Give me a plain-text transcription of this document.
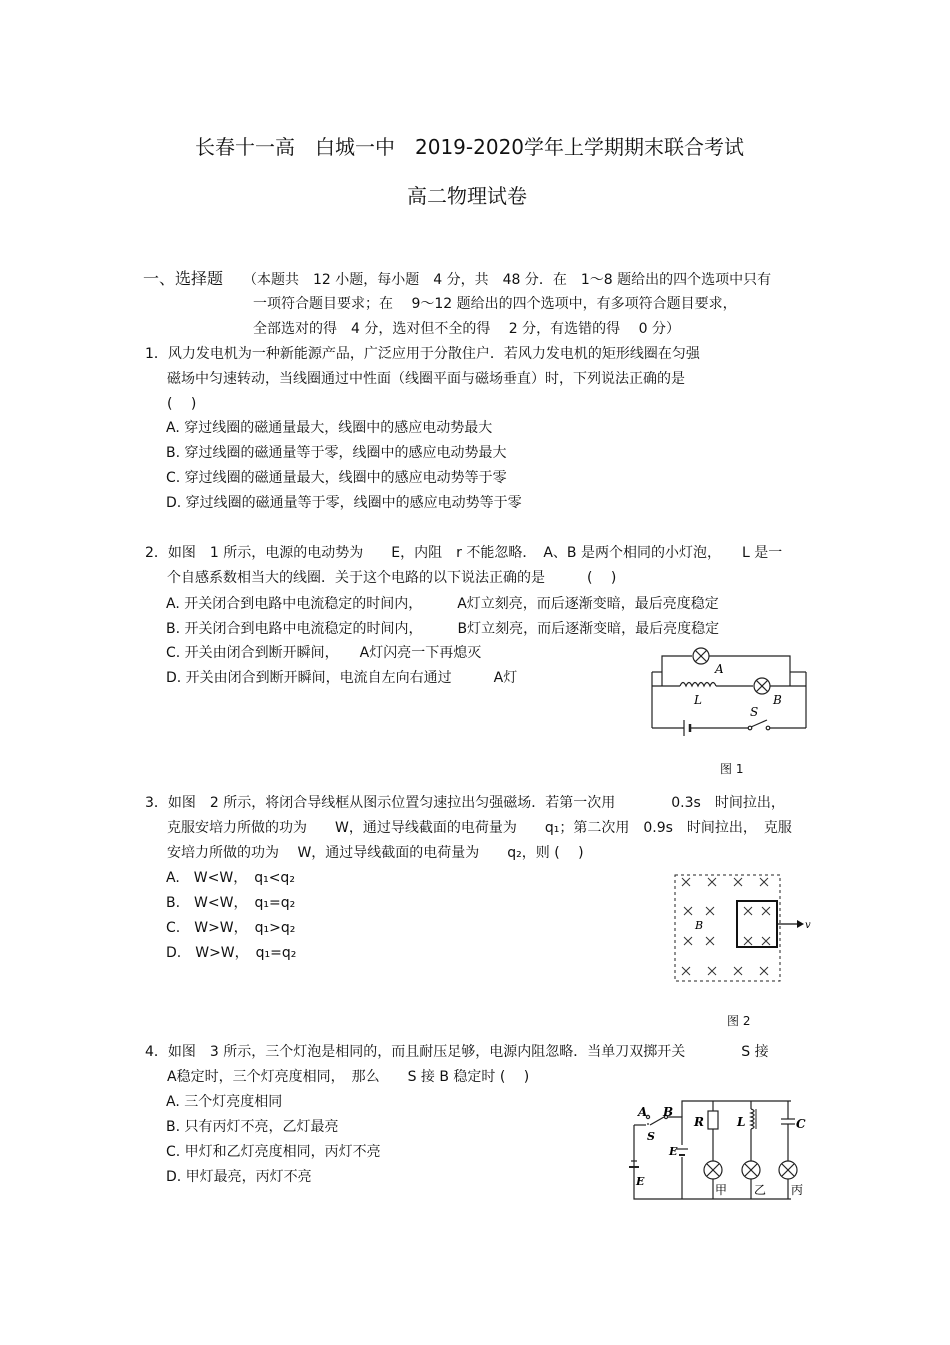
长春十一高　白城一中　2019-2020学年上学期期末联合考试
高二物理试卷
一、选择题 （本题共　12 小题，每小题　4 分，共　48 分．在　1～8 题给出的四个选项中只有
一项符合题目要求；在　 9～12 题给出的四个选项中，有多项符合题目要求，
全部选对的得　4 分，选对但不全的得　 2 分，有选错的得　 0 分）
1．风力发电机为一种新能源产品，广泛应用于分散住户．若风力发电机的矩形线圈在匀强
磁场中匀速转动，当线圈通过中性面（线圈平面与磁场垂直）时，下列说法正确的是
(　 )
A. 穿过线圈的磁通量最大，线圈中的感应电动势最大
B. 穿过线圈的磁通量等于零，线圈中的感应电动势最大
C. 穿过线圈的磁通量最大，线圈中的感应电动势等于零
D. 穿过线圈的磁通量等于零，线圈中的感应电动势等于零
2．如图　1 所示，电源的电动势为　　E，内阻　r 不能忽略．　A、B 是两个相同的小灯泡，　　L 是一
个自感系数相当大的线圈．关于这个电路的以下说法正确的是　　　(　 )
A. 开关闭合到电路中电流稳定的时间内，　　　A灯立刻亮，而后逐渐变暗，最后亮度稳定
B. 开关闭合到电路中电流稳定的时间内，　　　B灯立刻亮，而后逐渐变暗，最后亮度稳定
C. 开关由闭合到断开瞬间，　　A灯闪亮一下再熄灭
D. 开关由闭合到断开瞬间，电流自左向右通过　　　A灯
A
L	B
S
图 1
3．如图　2 所示，将闭合导线框从图示位置匀速拉出匀强磁场．若第一次用　　　　0.3s　时间拉出，
克服安培力所做的功为　　W，通过导线截面的电荷量为　　q₁；第二次用　0.9s　时间拉出，　克服
安培力所做的功为　 W，通过导线截面的电荷量为　　q₂，则 (　 )
A.　W<W，　q₁<q₂
B.　W<W，　q₁=q₂
C.　W>W，　q₁>q₂
D.　W>W，　q₁=q₂
B	v
图 2
4．如图　3 所示，三个灯泡是相同的，而且耐压足够，电源内阻忽略．当单刀双掷开关　　　　S 接
A稳定时，三个灯亮度相同，　那么　　S 接 B 稳定时 (　 )
A. 三个灯亮度相同
B. 只有丙灯不亮，乙灯最亮
C. 甲灯和乙灯亮度相同，丙灯不亮
D. 甲灯最亮，丙灯不亮
A B
S
E
E
R	L	C
甲 乙 丙
